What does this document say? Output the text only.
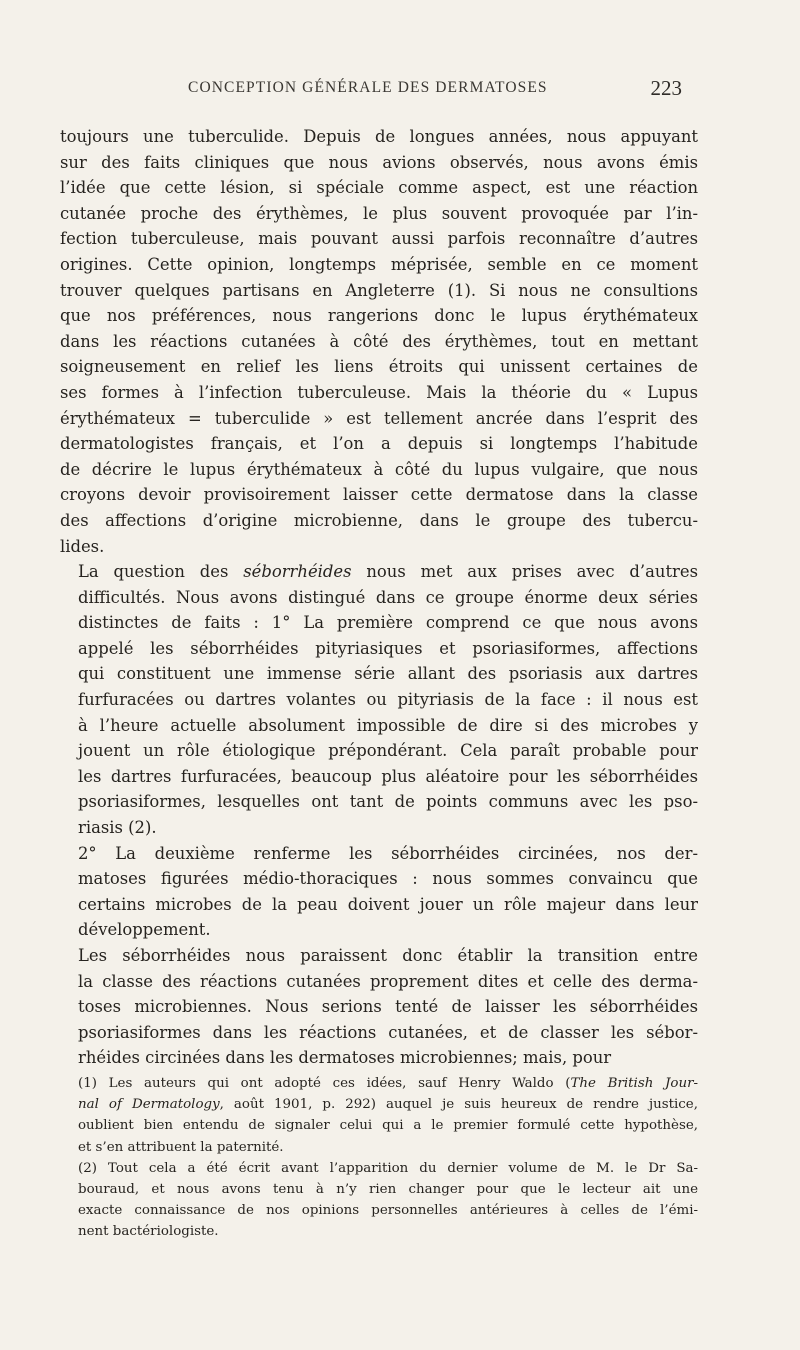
CONCEPTION GÉNÉRALE DES DERMATOSES	223

toujours une tuberculide. Depuis de longues années, nous appuyant
sur des faits cliniques que nous avions observés, nous avons émis
l’idée que cette lésion, si spéciale comme aspect, est une réaction
cutanée proche des érythèmes, le plus souvent provoquée par l’in-
fection tuberculeuse, mais pouvant aussi parfois reconnaître d’autres
origines. Cette opinion, longtemps méprisée, semble en ce moment
trouver quelques partisans en Angleterre (1). Si nous ne consultions
que nos préférences, nous rangerions donc le lupus érythémateux
dans les réactions cutanées à côté des érythèmes, tout en mettant
soigneusement en relief les liens étroits qui unissent certaines de
ses formes à l’infection tuberculeuse. Mais la théorie du « Lupus
érythémateux = tuberculide » est tellement ancrée dans l’esprit des
dermatologistes français, et l’on a depuis si longtemps l’habitude
de décrire le lupus érythémateux à côté du lupus vulgaire, que nous
croyons devoir provisoirement laisser cette dermatose dans la classe
des affections d’origine microbienne, dans le groupe des tubercu-
lides.

La question des séborrhéides nous met aux prises avec d’autres
difficultés. Nous avons distingué dans ce groupe énorme deux séries
distinctes de faits : 1° La première comprend ce que nous avons
appelé les séborrhéides pityriasiques et psoriasiformes, affections
qui constituent une immense série allant des psoriasis aux dartres
furfuracées ou dartres volantes ou pityriasis de la face : il nous est
à l’heure actuelle absolument impossible de dire si des microbes y
jouent un rôle étiologique prépondérant. Cela paraît probable pour
les dartres furfuracées, beaucoup plus aléatoire pour les séborrhéides
psoriasiformes, lesquelles ont tant de points communs avec les pso-
riasis (2).

2° La deuxième renferme les séborrhéides circinées, nos der-
matoses figurées médio-thoraciques : nous sommes convaincu que
certains microbes de la peau doivent jouer un rôle majeur dans leur
développement.

Les séborrhéides nous paraissent donc établir la transition entre
la classe des réactions cutanées proprement dites et celle des derma-
toses microbiennes. Nous serions tenté de laisser les séborrhéides
psoriasiformes dans les réactions cutanées, et de classer les sébor-
rhéides circinées dans les dermatoses microbiennes; mais, pour

(1) Les auteurs qui ont adopté ces idées, sauf Henry Waldo (The British Jour-
nal of Dermatology, août 1901, p. 292) auquel je suis heureux de rendre justice,
oublient bien entendu de signaler celui qui a le premier formulé cette hypothèse,
et s’en attribuent la paternité.

(2) Tout cela a été écrit avant l’apparition du dernier volume de M. le Dr Sa-
bouraud, et nous avons tenu à n’y rien changer pour que le lecteur ait une
exacte connaissance de nos opinions personnelles antérieures à celles de l’émi-
nent bactériologiste.
